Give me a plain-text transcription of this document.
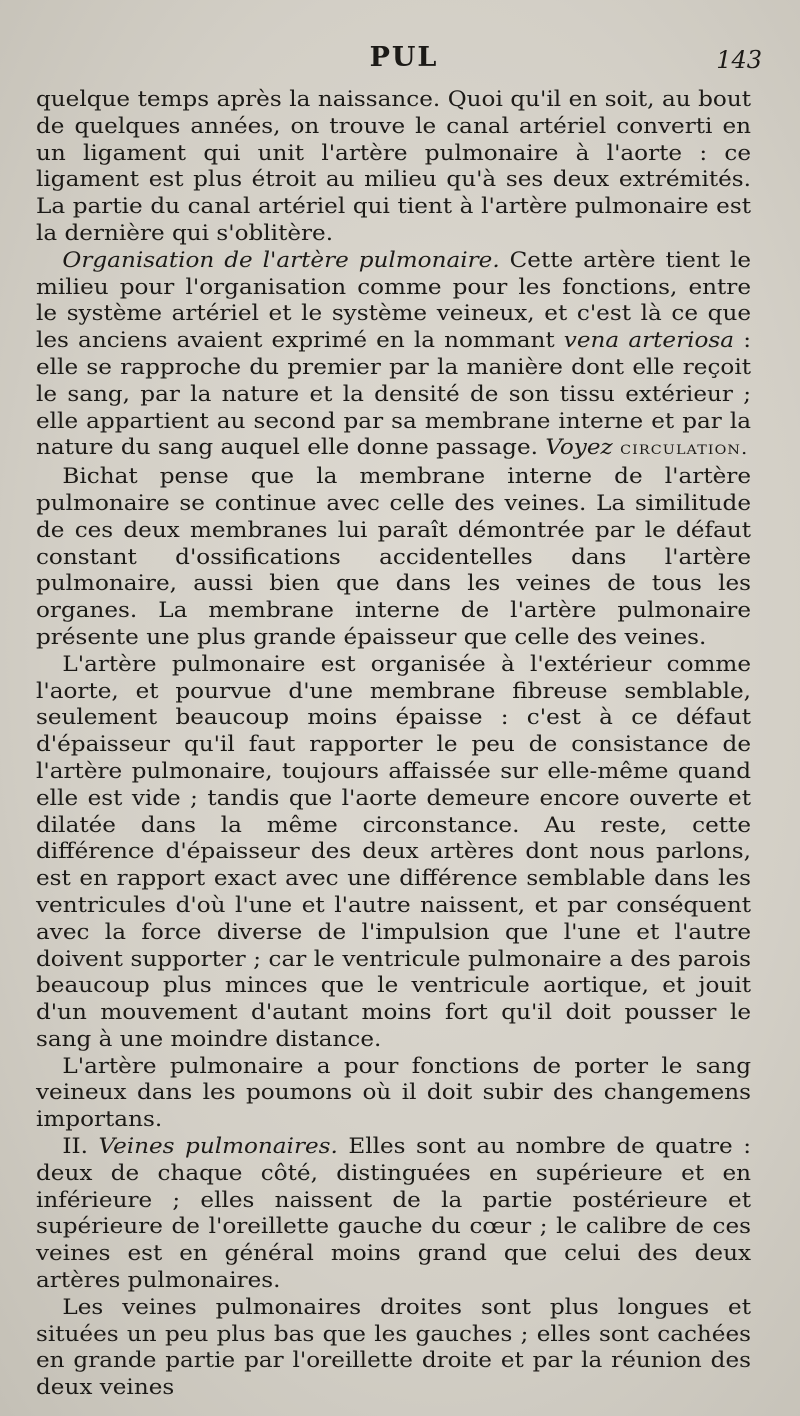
PUL	143

quelque temps après la naissance. Quoi qu'il en soit, au bout de quelques années, on trouve le canal artériel converti en un ligament qui unit l'artère pulmonaire à l'aorte : ce ligament est plus étroit au milieu qu'à ses deux extrémités. La partie du canal artériel qui tient à l'artère pulmonaire est la dernière qui s'oblitère.

Organisation de l'artère pulmonaire. Cette artère tient le milieu pour l'organisation comme pour les fonctions, entre le système artériel et le système veineux, et c'est là ce que les anciens avaient exprimé en la nommant vena arteriosa : elle se rapproche du premier par la manière dont elle reçoit le sang, par la nature et la densité de son tissu extérieur ; elle appartient au second par sa membrane interne et par la nature du sang auquel elle donne passage. Voyez circulation.

Bichat pense que la membrane interne de l'artère pulmonaire se continue avec celle des veines. La similitude de ces deux membranes lui paraît démontrée par le défaut constant d'ossifications accidentelles dans l'artère pulmonaire, aussi bien que dans les veines de tous les organes. La membrane interne de l'artère pulmonaire présente une plus grande épaisseur que celle des veines.

L'artère pulmonaire est organisée à l'extérieur comme l'aorte, et pourvue d'une membrane fibreuse semblable, seulement beaucoup moins épaisse : c'est à ce défaut d'épaisseur qu'il faut rapporter le peu de consistance de l'artère pulmonaire, toujours affaissée sur elle-même quand elle est vide ; tandis que l'aorte demeure encore ouverte et dilatée dans la même circonstance. Au reste, cette différence d'épaisseur des deux artères dont nous parlons, est en rapport exact avec une différence semblable dans les ventricules d'où l'une et l'autre naissent, et par conséquent avec la force diverse de l'impulsion que l'une et l'autre doivent supporter ; car le ventricule pulmonaire a des parois beaucoup plus minces que le ventricule aortique, et jouit d'un mouvement d'autant moins fort qu'il doit pousser le sang à une moindre distance.

L'artère pulmonaire a pour fonctions de porter le sang veineux dans les poumons où il doit subir des changemens importans.

II. Veines pulmonaires. Elles sont au nombre de quatre : deux de chaque côté, distinguées en supérieure et en inférieure ; elles naissent de la partie postérieure et supérieure de l'oreillette gauche du cœur ; le calibre de ces veines est en général moins grand que celui des deux artères pulmonaires.

Les veines pulmonaires droites sont plus longues et situées un peu plus bas que les gauches ; elles sont cachées en grande partie par l'oreillette droite et par la réunion des deux veines
